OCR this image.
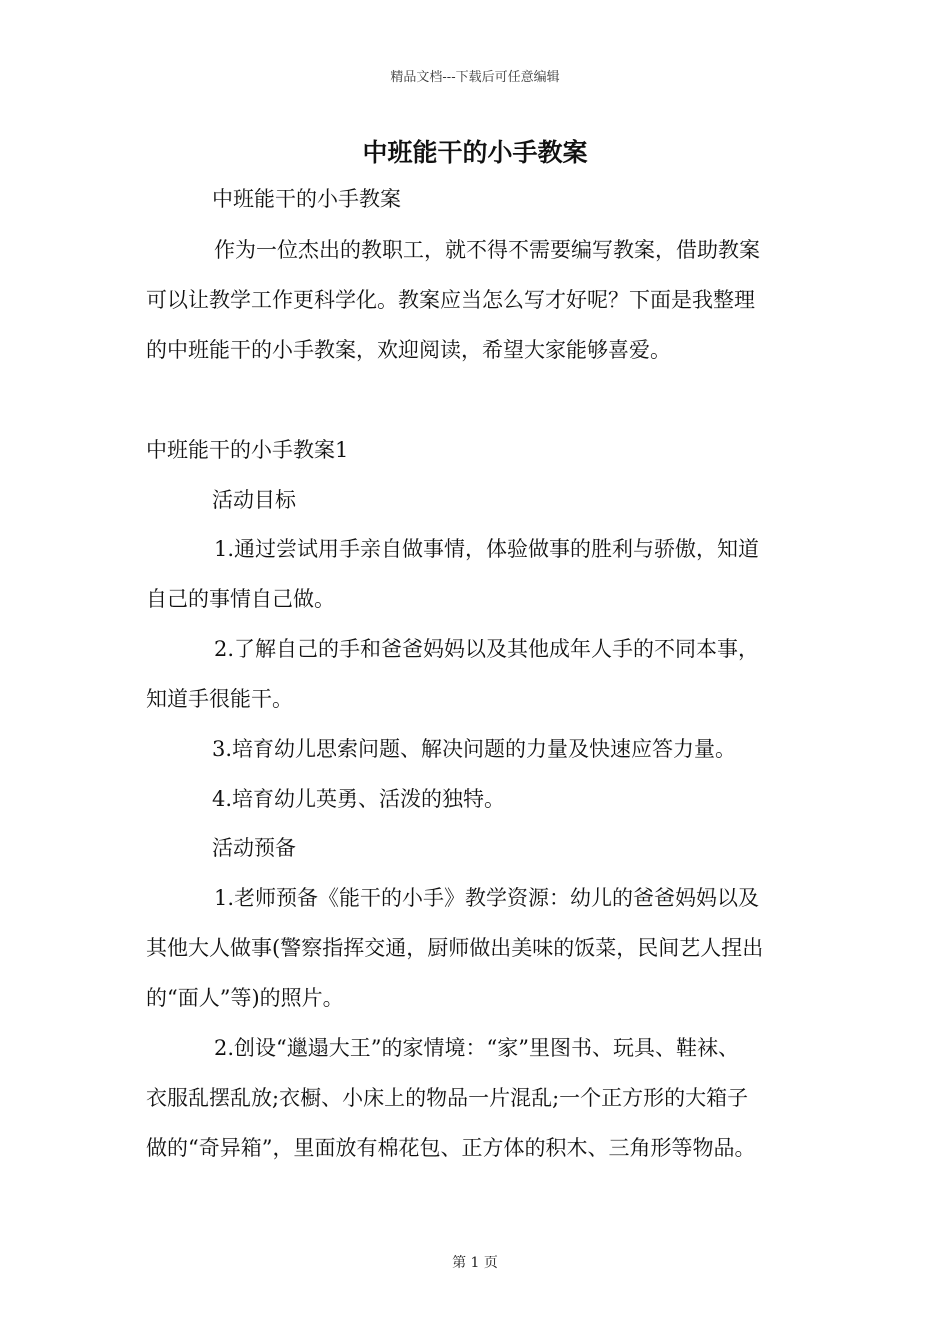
精品文档---下载后可任意编辑
中班能干的小手教案
中班能干的小手教案
作为一位杰出的教职工，就不得不需要编写教案，借助教案
可以让教学工作更科学化。教案应当怎么写才好呢？下面是我整理
的中班能干的小手教案，欢迎阅读，希望大家能够喜爱。
中班能干的小手教案1
活动目标
1.通过尝试用手亲自做事情，体验做事的胜利与骄傲，知道
自己的事情自己做。
2.了解自己的手和爸爸妈妈以及其他成年人手的不同本事，
知道手很能干。
3.培育幼儿思索问题、解决问题的力量及快速应答力量。
4.培育幼儿英勇、活泼的独特。
活动预备
1.老师预备《能干的小手》教学资源：幼儿的爸爸妈妈以及
其他大人做事(警察指挥交通，厨师做出美味的饭菜，民间艺人捏出
的“面人”等)的照片。
2.创设“邋遢大王”的家情境：“家”里图书、玩具、鞋袜、
衣服乱摆乱放;衣橱、小床上的物品一片混乱;一个正方形的大箱子
做的“奇异箱”，里面放有棉花包、正方体的积木、三角形等物品。
第 1 页
